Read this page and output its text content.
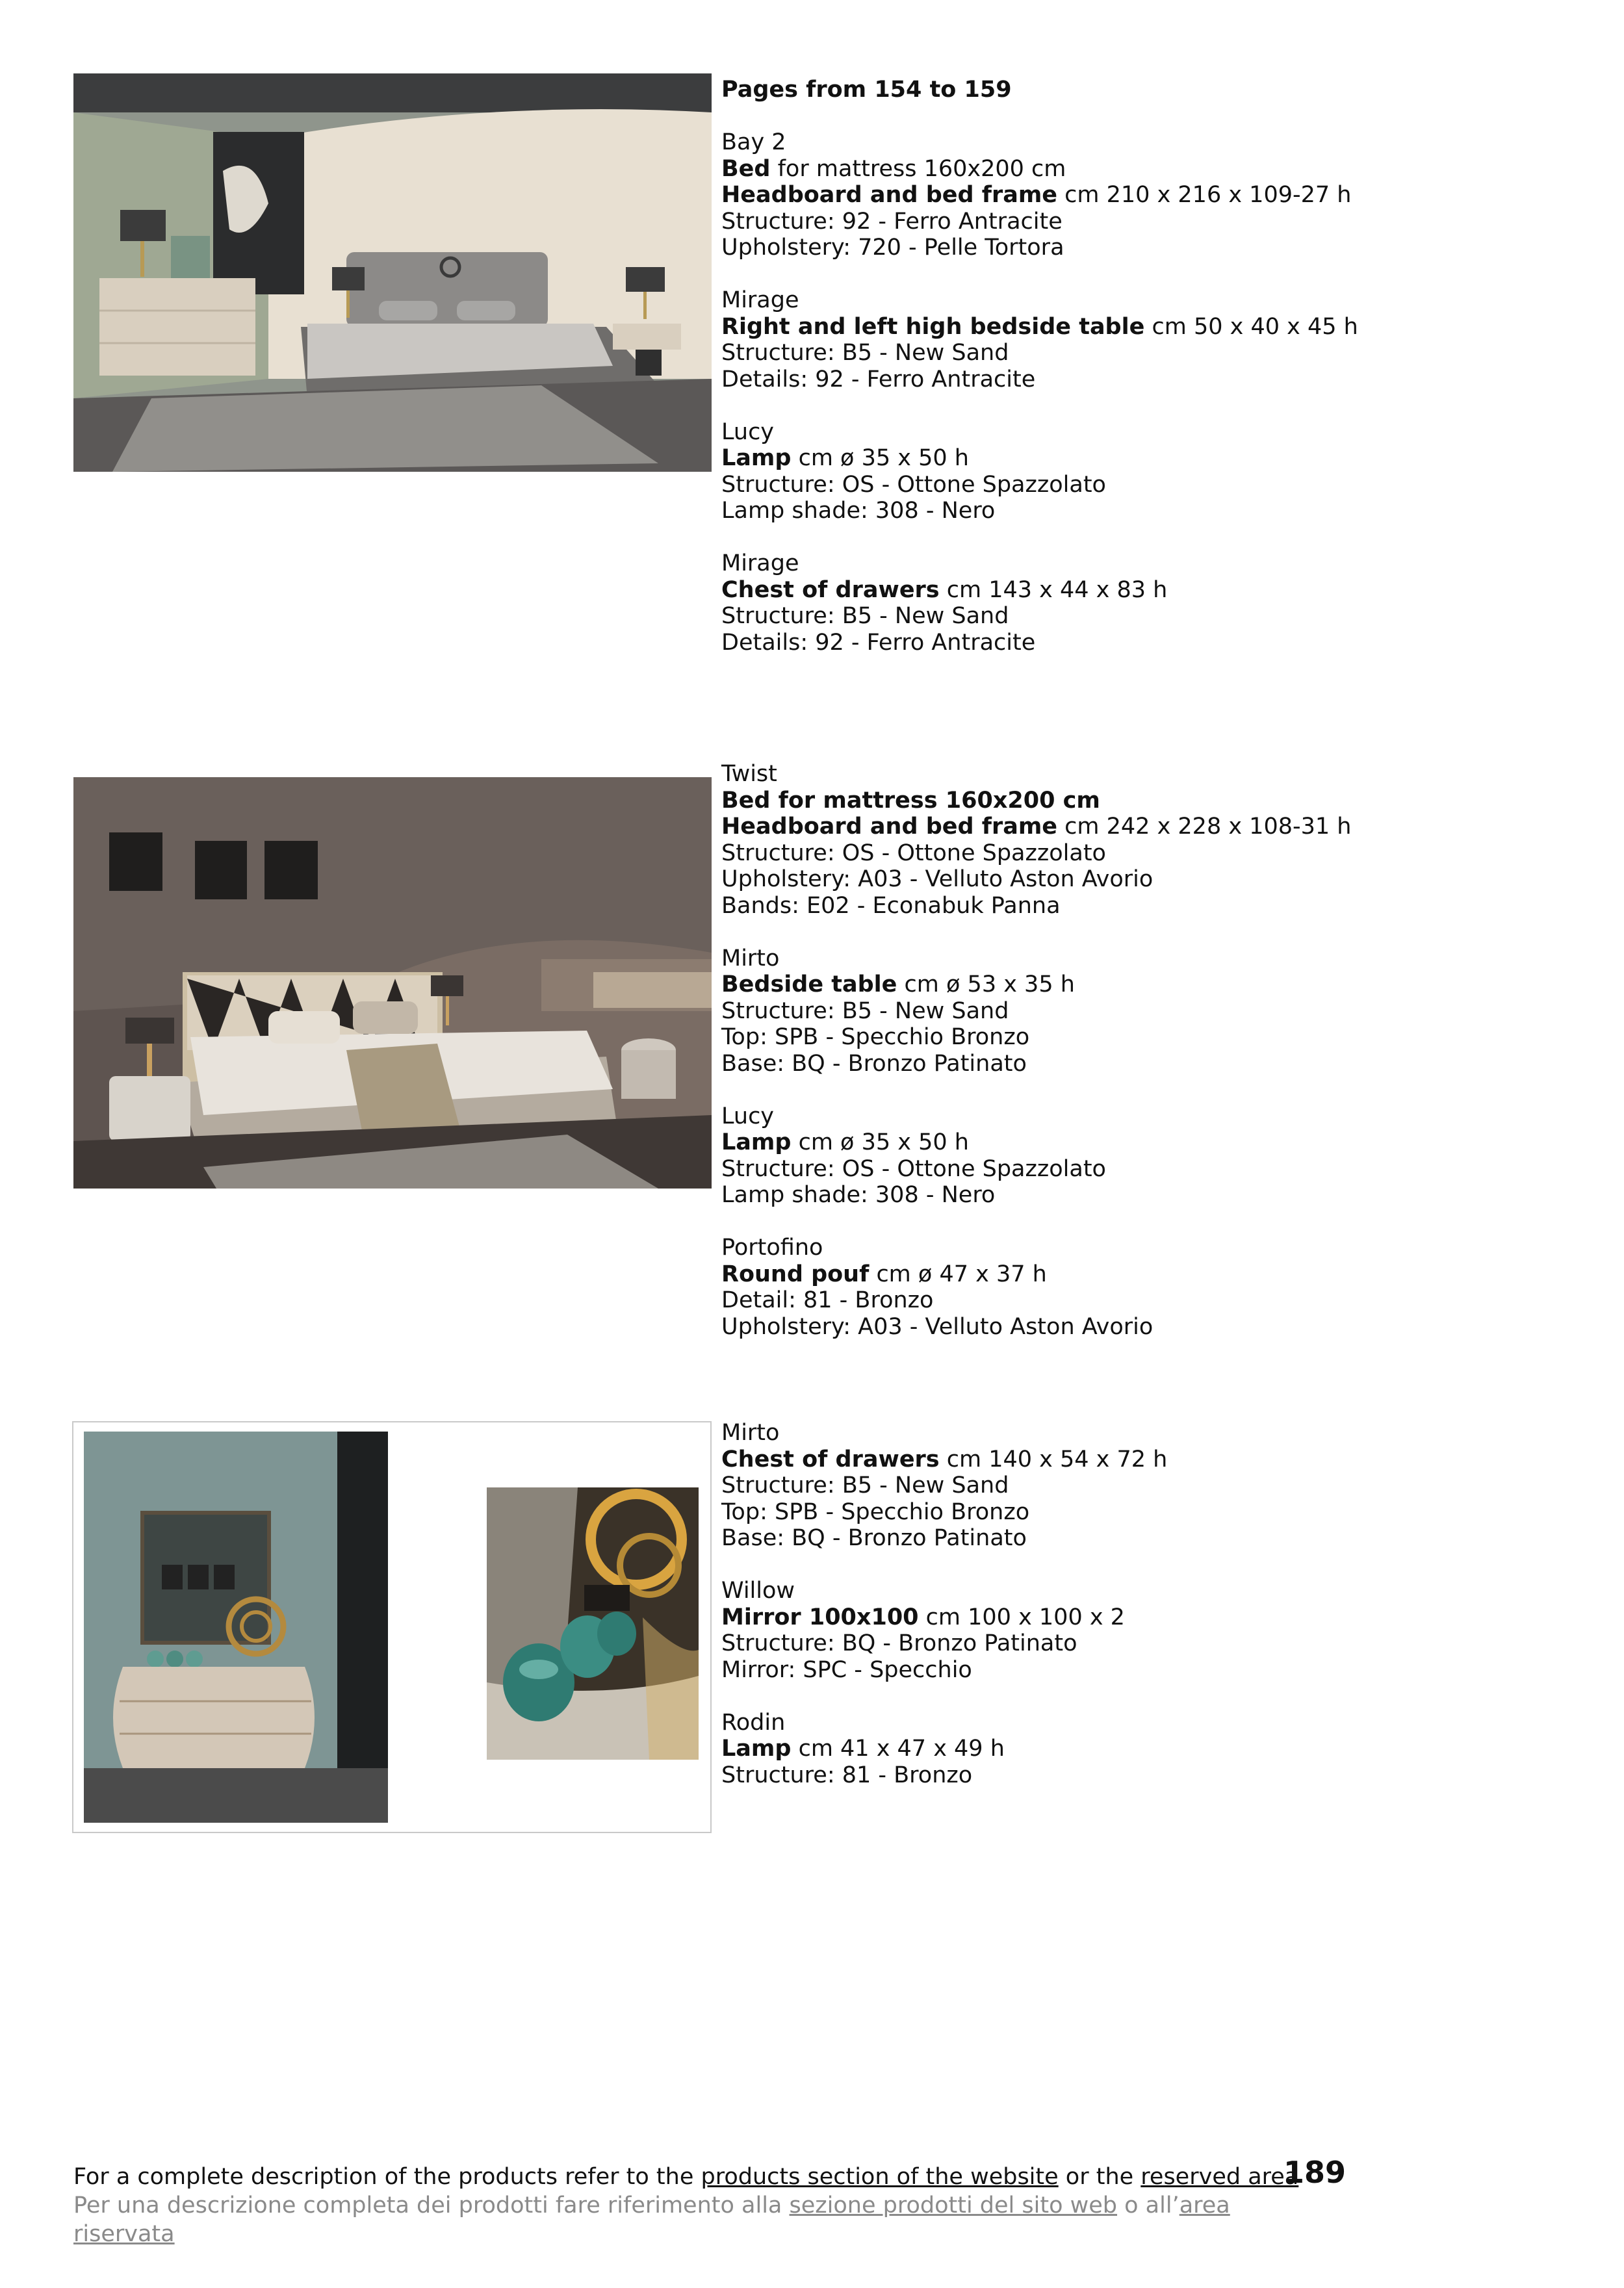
Pages from 154 to 159
Bay 2
Bed for mattress 160x200 cm
Headboard and bed frame cm 210 x 216 x 109-27 h
Structure: 92 - Ferro Antracite
Upholstery: 720 - Pelle Tortora
Mirage
Right and left high bedside table cm 50 x 40 x 45 h
Structure: B5 - New Sand
Details: 92 - Ferro Antracite
Lucy
Lamp cm ø 35 x 50 h
Structure: OS - Ottone Spazzolato
Lamp shade: 308 - Nero
Mirage
Chest of drawers cm 143 x 44 x 83 h
Structure: B5 - New Sand
Details: 92 - Ferro Antracite
Twist
Bed for mattress 160x200 cm
Headboard and bed frame cm 242 x 228 x 108-31 h
Structure: OS - Ottone Spazzolato
Upholstery: A03 - Velluto Aston Avorio
Bands: E02 - Econabuk Panna
Mirto
Bedside table cm ø 53 x 35 h
Structure: B5 - New Sand
Top: SPB - Specchio Bronzo
Base: BQ - Bronzo Patinato
Lucy
Lamp cm ø 35 x 50 h
Structure: OS - Ottone Spazzolato
Lamp shade: 308 - Nero
Portofino
Round pouf cm ø 47 x 37 h
Detail: 81 - Bronzo
Upholstery: A03 - Velluto Aston Avorio
Mirto
Chest of drawers cm 140 x 54 x 72 h
Structure: B5 - New Sand
Top: SPB - Specchio Bronzo
Base: BQ - Bronzo Patinato
Willow
Mirror 100x100 cm 100 x 100 x 2
Structure: BQ - Bronzo Patinato
Mirror: SPC - Specchio
Rodin
Lamp cm 41 x 47 x 49 h
Structure: 81 - Bronzo
For a complete description of the products refer to the products section of the website or the reserved area
Per una descrizione completa dei prodotti fare riferimento alla sezione prodotti del sito web o all’area riservata
189
